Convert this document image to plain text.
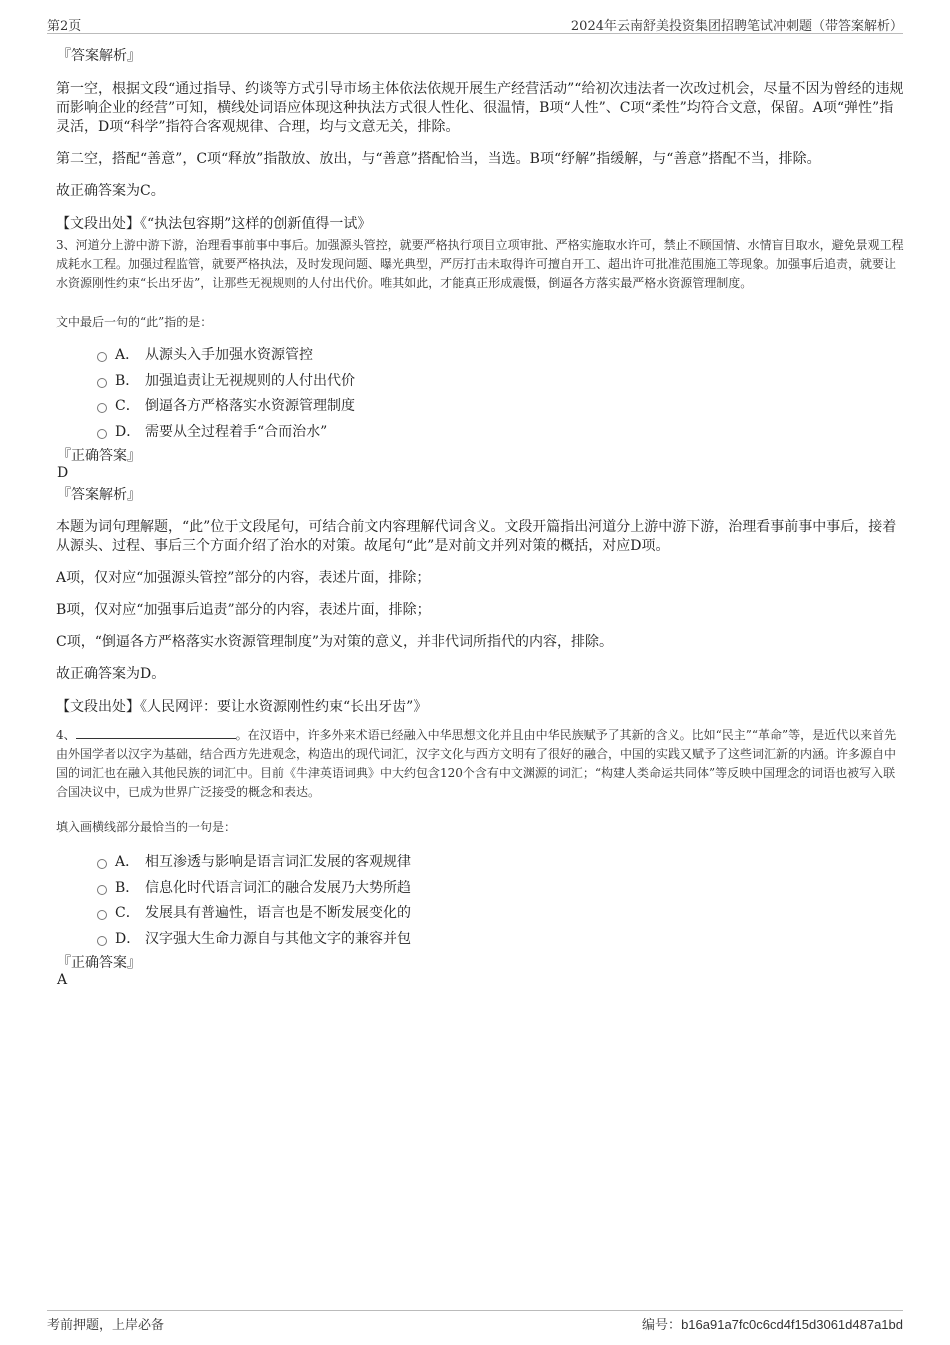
第2页	2024年云南舒美投资集团招聘笔试冲刺题（带答案解析）

『答案解析』

第一空，根据文段“通过指导、约谈等方式引导市场主体依法依规开展生产经营活动”“给初次违法者一次改过机会，尽量不因为曾经的违规而影响企业的经营”可知，横线处词语应体现这种执法方式很人性化、很温情，B项“人性”、C项“柔性”均符合文意，保留。A项“弹性”指灵活，D项“科学”指符合客观规律、合理，均与文意无关，排除。

第二空，搭配“善意”，C项“释放”指散放、放出，与“善意”搭配恰当，当选。B项“纾解”指缓解，与“善意”搭配不当，排除。

故正确答案为C。

【文段出处】《“执法包容期”这样的创新值得一试》

3、河道分上游中游下游，治理看事前事中事后。加强源头管控，就要严格执行项目立项审批、严格实施取水许可，禁止不顾国情、水情盲目取水，避免景观工程成耗水工程。加强过程监管，就要严格执法，及时发现问题、曝光典型，严厉打击未取得许可擅自开工、超出许可批准范围施工等现象。加强事后追责，就要让水资源刚性约束“长出牙齿”，让那些无视规则的人付出代价。唯其如此，才能真正形成震慑，倒逼各方落实最严格水资源管理制度。

文中最后一句的“此”指的是：

A． 从源头入手加强水资源管控
B． 加强追责让无视规则的人付出代价
C． 倒逼各方严格落实水资源管理制度
D． 需要从全过程着手“合而治水”

『正确答案』

D

『答案解析』

本题为词句理解题，“此”位于文段尾句，可结合前文内容理解代词含义。文段开篇指出河道分上游中游下游，治理看事前事中事后，接着从源头、过程、事后三个方面介绍了治水的对策。故尾句“此”是对前文并列对策的概括，对应D项。

A项，仅对应“加强源头管控”部分的内容，表述片面，排除；

B项，仅对应“加强事后追责”部分的内容，表述片面，排除；

C项，“倒逼各方严格落实水资源管理制度”为对策的意义，并非代词所指代的内容，排除。

故正确答案为D。

【文段出处】《人民网评：要让水资源刚性约束“长出牙齿”》

4、	。在汉语中，许多外来术语已经融入中华思想文化并且由中华民族赋予了其新的含义。比如“民主”“革命”等，是近代以来首先由外国学者以汉字为基础，结合西方先进观念，构造出的现代词汇，汉字文化与西方文明有了很好的融合，中国的实践又赋予了这些词汇新的内涵。许多源自中国的词汇也在融入其他民族的词汇中。目前《牛津英语词典》中大约包含120个含有中文渊源的词汇；“构建人类命运共同体”等反映中国理念的词语也被写入联合国决议中，已成为世界广泛接受的概念和表达。

填入画横线部分最恰当的一句是：

A． 相互渗透与影响是语言词汇发展的客观规律
B． 信息化时代语言词汇的融合发展乃大势所趋
C． 发展具有普遍性，语言也是不断发展变化的
D． 汉字强大生命力源自与其他文字的兼容并包

『正确答案』

A

考前押题，上岸必备	编号：b16a91a7fc0c6cd4f15d3061d487a1bd
